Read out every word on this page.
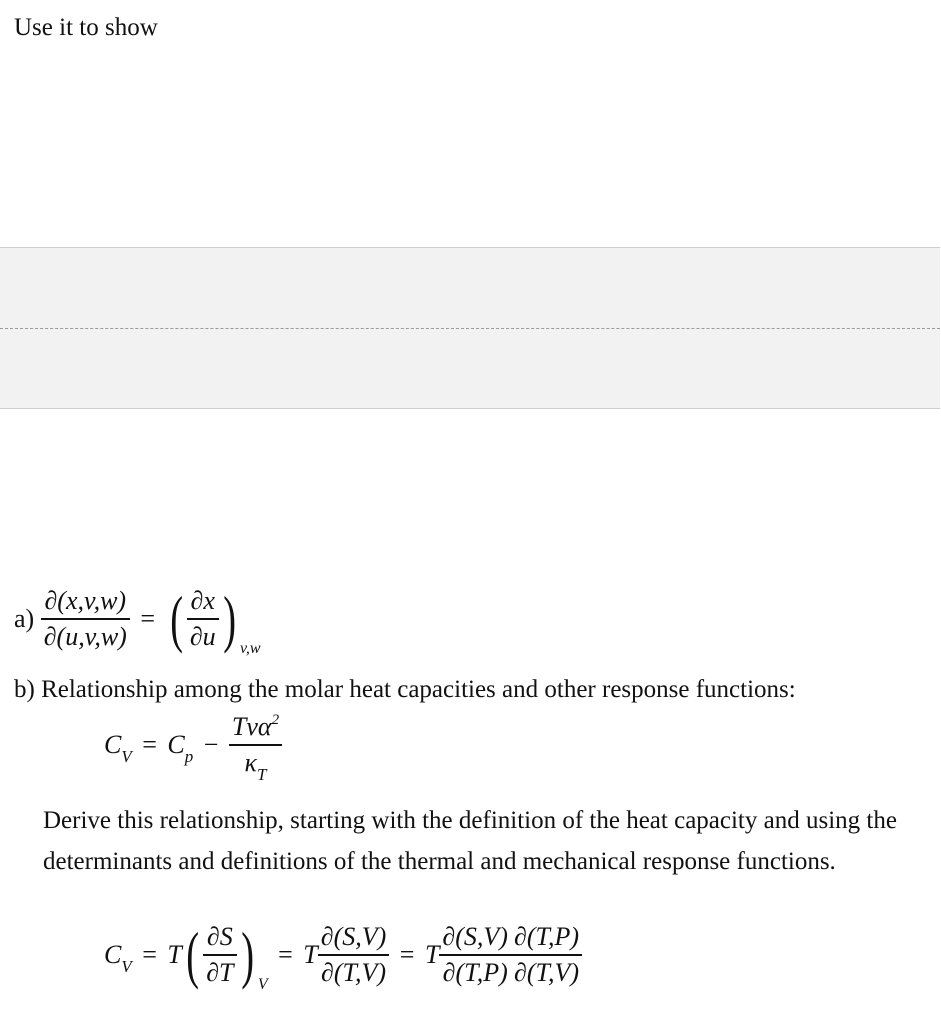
Use it to show
$a) \frac{\partial(x,v,w)}{\partial(u,v,w)}$ = ( $\frac{\partial x}{\partial u}$ ) v,w
b) Relationship among the molar heat capacities and other response functions:
$C_V = C_p - \frac{Tv\alpha^2}{\kappa_T}$
Derive this relationship, starting with the definition of the heat capacity and using the determinants and definitions of the thermal and mechanical response functions.
$C_V = T( \frac{\partial S}{\partial T}$ ) V = T $\frac{\partial(S,V)}{\partial(T,V)} = T \frac{\partial(S,V)}{\partial(T,P)} \frac{\partial(T,P)}{\partial(T,V)}$
